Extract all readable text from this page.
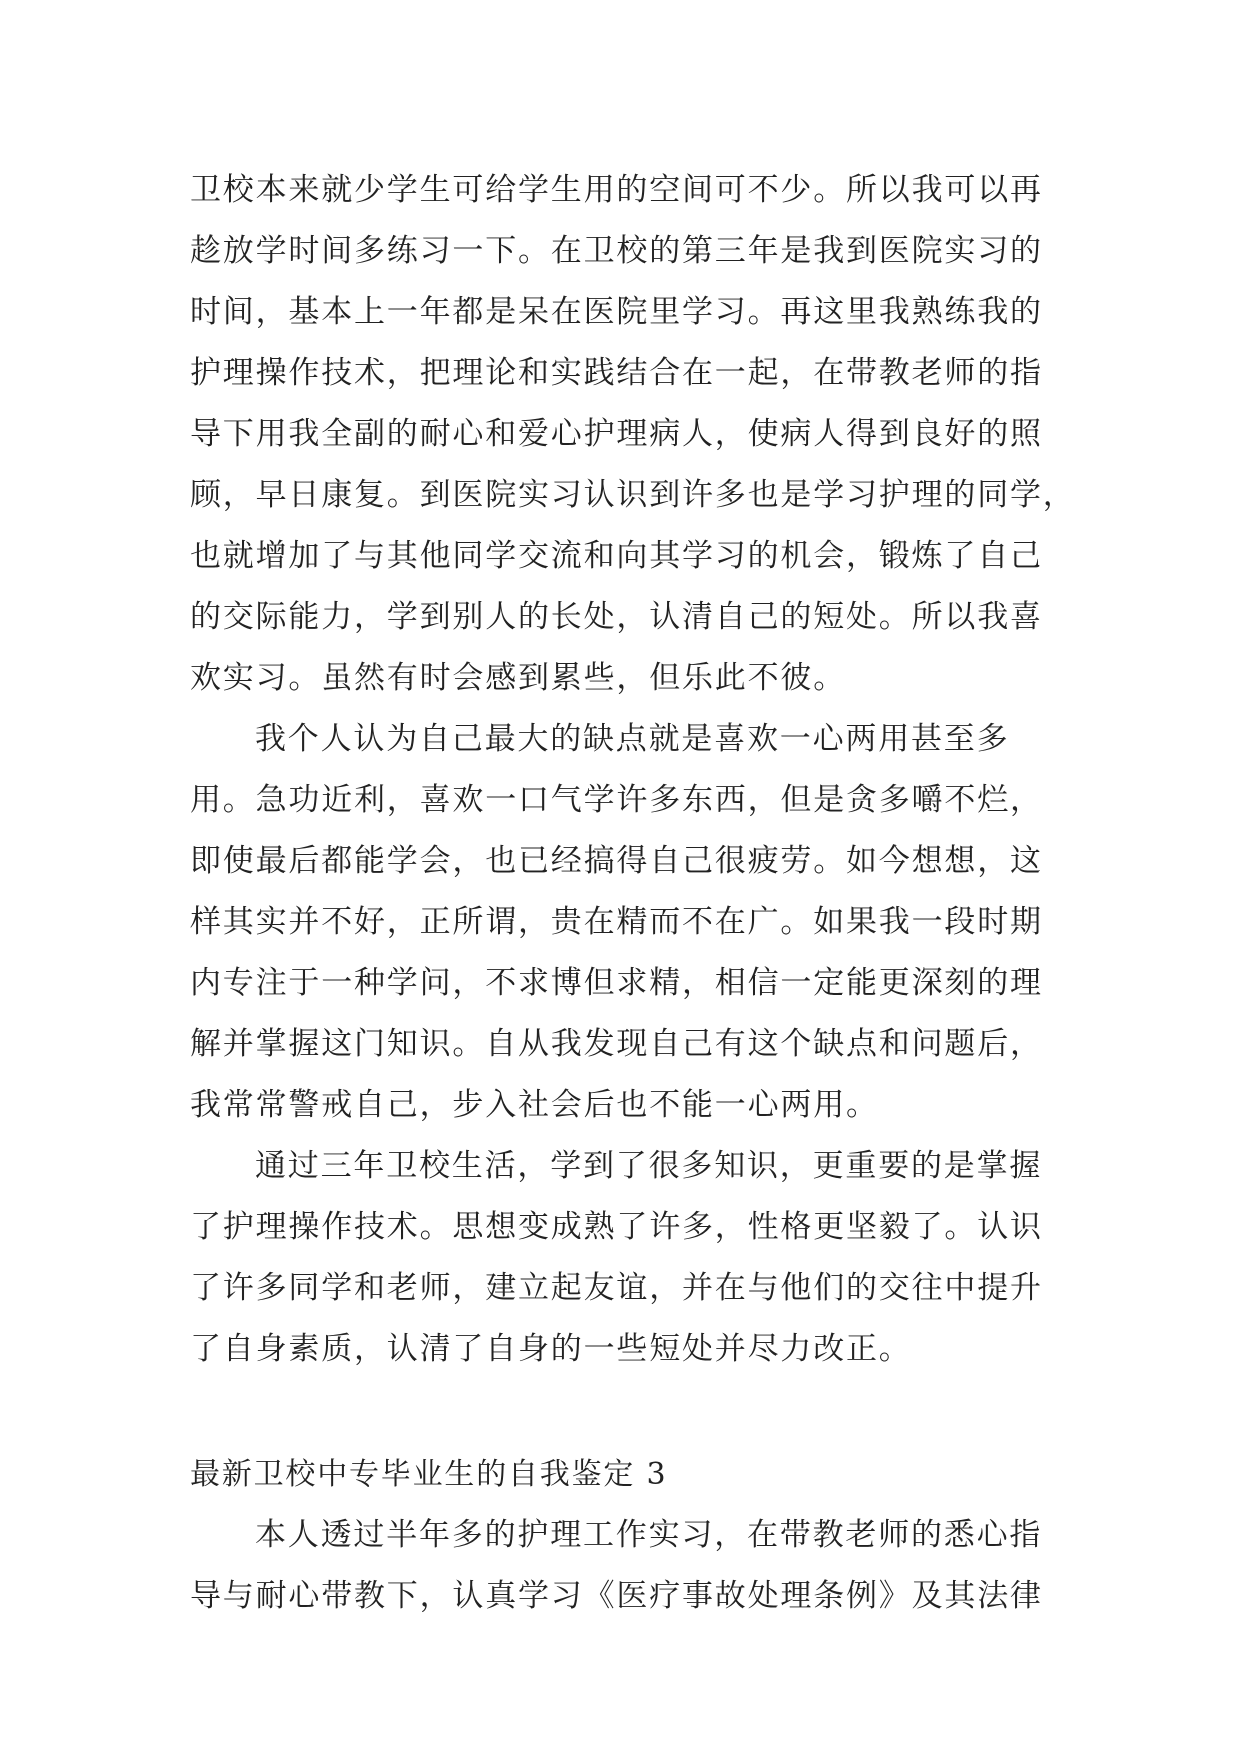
卫校本来就少学生可给学生用的空间可不少。所以我可以再
趁放学时间多练习一下。在卫校的第三年是我到医院实习的
时间，基本上一年都是呆在医院里学习。再这里我熟练我的
护理操作技术，把理论和实践结合在一起，在带教老师的指
导下用我全副的耐心和爱心护理病人，使病人得到良好的照
顾，早日康复。到医院实习认识到许多也是学习护理的同学，
也就增加了与其他同学交流和向其学习的机会，锻炼了自己
的交际能力，学到别人的长处，认清自己的短处。所以我喜
欢实习。虽然有时会感到累些，但乐此不彼。
我个人认为自己最大的缺点就是喜欢一心两用甚至多
用。急功近利，喜欢一口气学许多东西，但是贪多嚼不烂，
即使最后都能学会，也已经搞得自己很疲劳。如今想想，这
样其实并不好，正所谓，贵在精而不在广。如果我一段时期
内专注于一种学问，不求博但求精，相信一定能更深刻的理
解并掌握这门知识。自从我发现自己有这个缺点和问题后，
我常常警戒自己，步入社会后也不能一心两用。
通过三年卫校生活，学到了很多知识，更重要的是掌握
了护理操作技术。思想变成熟了许多，性格更坚毅了。认识
了许多同学和老师，建立起友谊，并在与他们的交往中提升
了自身素质，认清了自身的一些短处并尽力改正。
最新卫校中专毕业生的自我鉴定 3
本人透过半年多的护理工作实习，在带教老师的悉心指
导与耐心带教下，认真学习《医疗事故处理条例》及其法律
